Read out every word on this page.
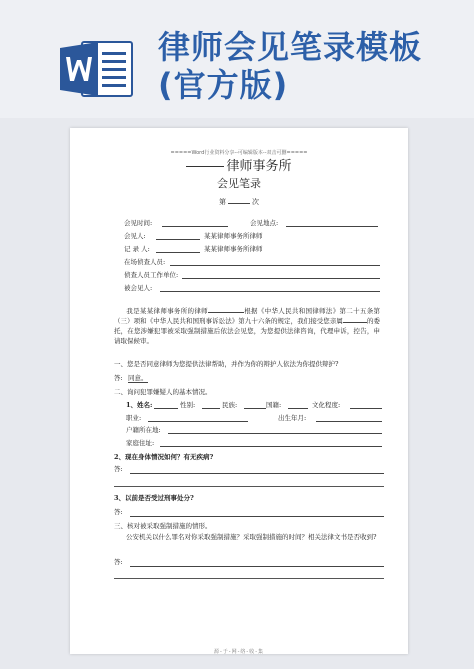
律师会见笔录模板
(官方版)
=====Word行业资料分享--可编辑版本--双击可删=====
律师事务所
会见笔录
第	次
会见时间:	会见地点:
会见人:	某某律师事务所律师
记 录 人:	某某律师事务所律师
在场侦查人员:
侦查人员工作单位:
被会见人:
我是某某律师事务所的律师	根据《中华人民共和国律师法》第二十五条第（三）项和《中华人民共和国刑事诉讼法》第九十六条的规定，我们接受您亲属	的委托，在您涉嫌犯罪被采取强制措施后依法会见您，为您提供法律咨询，代理申诉，控告，申请取保候审。
一、您是否同意律师为您提供法律帮助，并作为你的辩护人依法为你提供辩护?
答: 同意。
二、询问犯罪嫌疑人的基本情况。
1、姓名:	性别:	民族:	国籍:	文化程度:
职业:	出生年月:
户籍所在地:
家庭住址:
2、现在身体情况如何？有无疾病?
答:
3、以前是否受过刑事处分?
答:
三、核对被采取强制措施的情形。
公安机关以什么罪名对你采取强制措施？采取强制措施的时间？相关法律文书是否收到?
答:
源-于-网-络-收-集
